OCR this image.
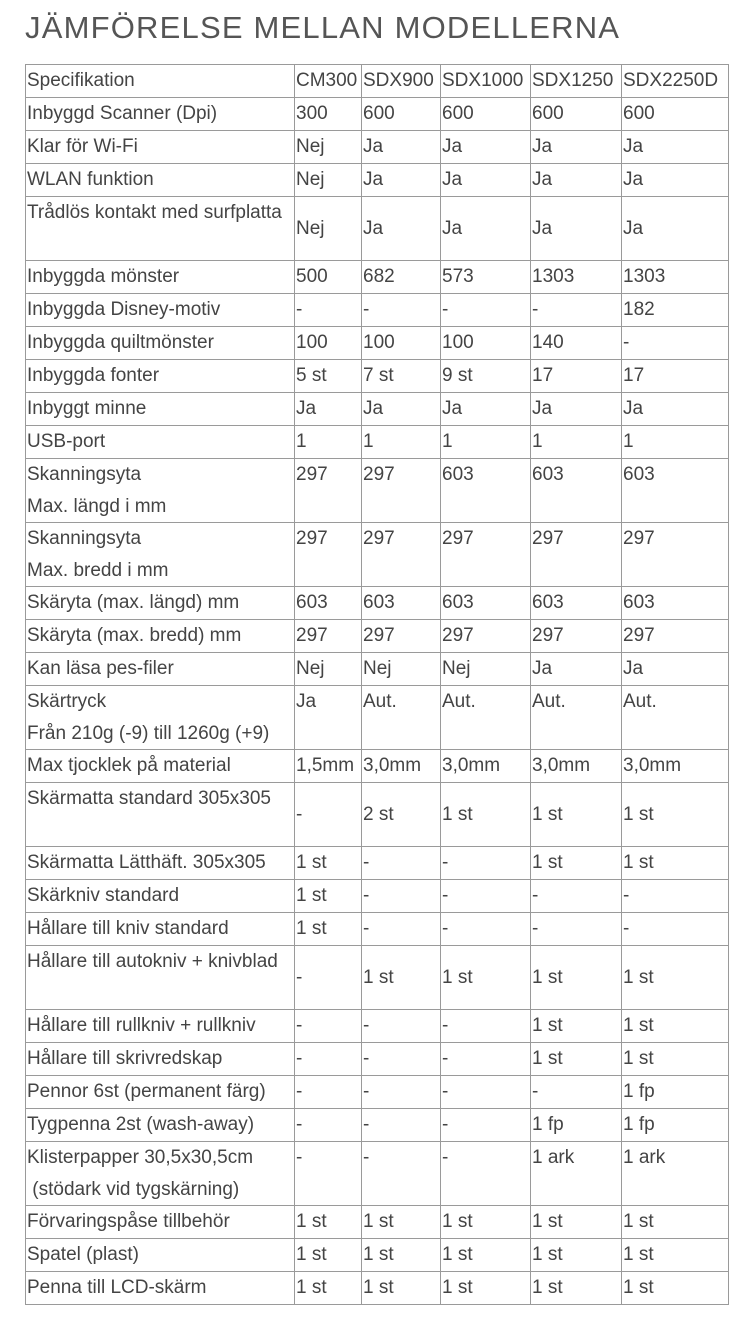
JÄMFÖRELSE MELLAN MODELLERNA
Specifikation	CM300	SDX900	SDX1000	SDX1250	SDX2250D
Inbyggd Scanner (Dpi)	300	600	600	600	600
Klar för Wi-Fi	Nej	Ja	Ja	Ja	Ja
WLAN funktion	Nej	Ja	Ja	Ja	Ja
Trådlös kontakt med surfplatta	Nej	Ja	Ja	Ja	Ja
Inbyggda mönster	500	682	573	1303	1303
Inbyggda Disney-motiv	-	-	-	-	182
Inbyggda quiltmönster	100	100	100	140	-
Inbyggda fonter	5 st	7 st	9 st	17	17
Inbyggt minne	Ja	Ja	Ja	Ja	Ja
USB-port	1	1	1	1	1

Skanningsyta
Max. längd i mm	297	297	603	603	603

Skanningsyta
Max. bredd i mm	297	297	297	297	297
Skäryta (max. längd) mm	603	603	603	603	603
Skäryta (max. bredd) mm	297	297	297	297	297
Kan läsa pes-filer	Nej	Nej	Nej	Ja	Ja

Skärtryck
Från 210g (-9) till 1260g (+9)	Ja	Aut.	Aut.	Aut.	Aut.
Max tjocklek på material	1,5mm	3,0mm	3,0mm	3,0mm	3,0mm
Skärmatta standard 305x305	-	2 st	1 st	1 st	1 st
Skärmatta Lätthäft. 305x305	1 st	-	-	1 st	1 st
Skärkniv standard	1 st	-	-	-	-
Hållare till kniv standard	1 st	-	-	-	-
Hållare till autokniv + knivblad	-	1 st	1 st	1 st	1 st
Hållare till rullkniv + rullkniv	-	-	-	1 st	1 st
Hållare till skrivredskap	-	-	-	1 st	1 st
Pennor 6st (permanent färg)	-	-	-	-	1 fp
Tygpenna 2st (wash-away)	-	-	-	1 fp	1 fp

Klisterpapper 30,5x30,5cm
(stödark vid tygskärning)	-	-	-	1 ark	1 ark
Förvaringspåse tillbehör	1 st	1 st	1 st	1 st	1 st
Spatel (plast)	1 st	1 st	1 st	1 st	1 st
Penna till LCD-skärm	1 st	1 st	1 st	1 st	1 st
